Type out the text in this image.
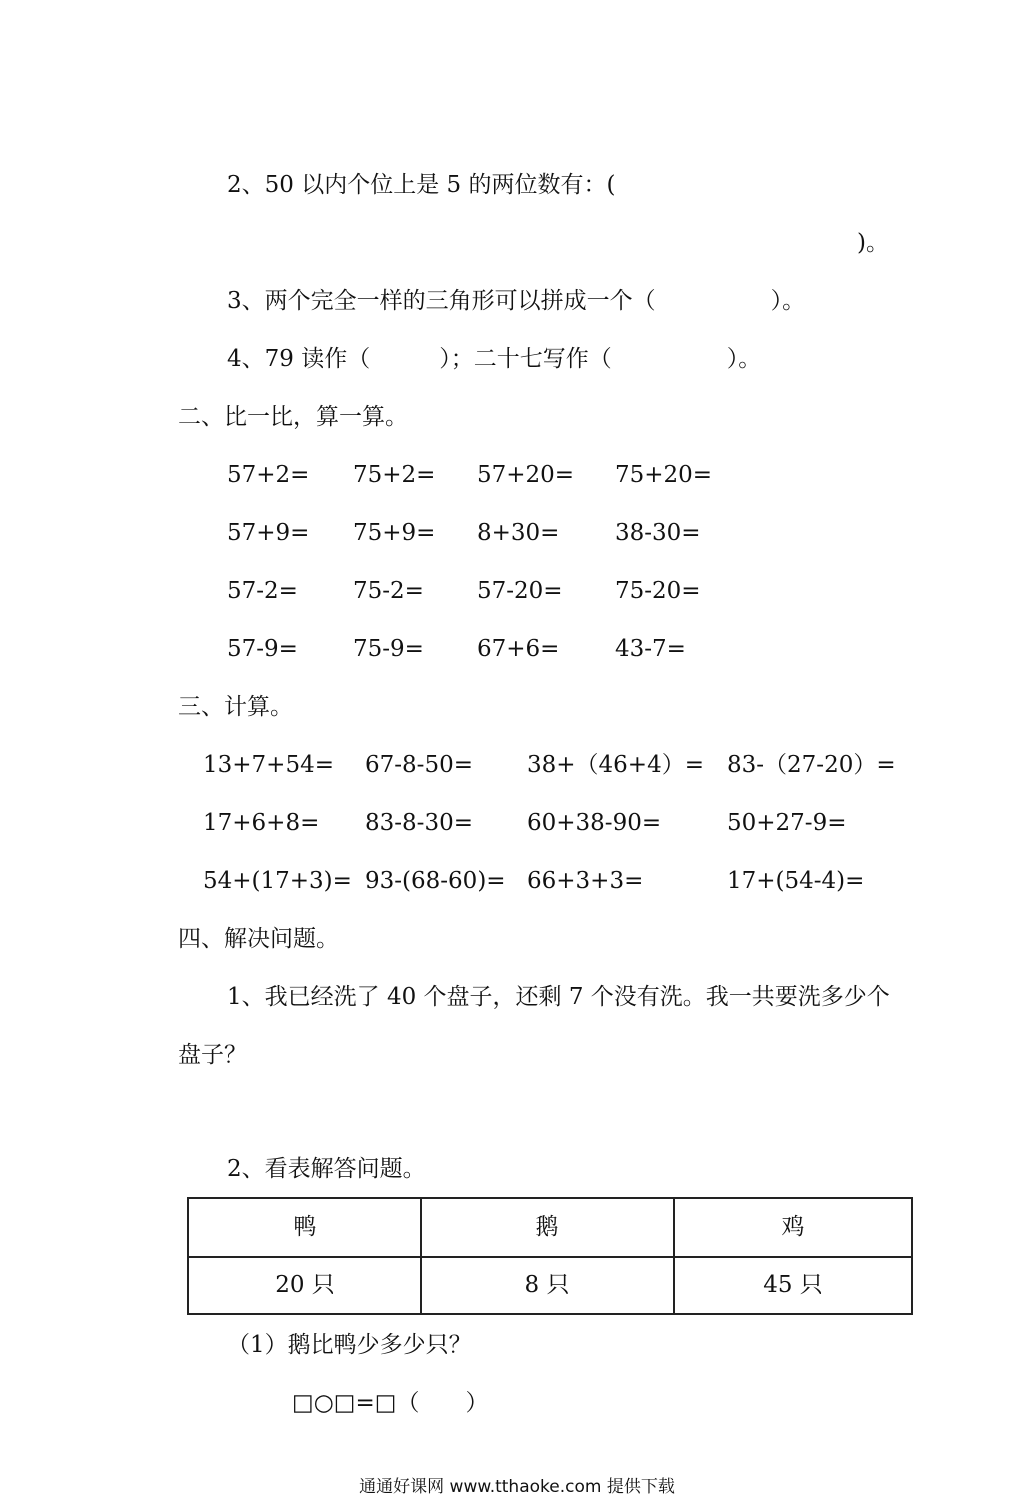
2、50 以内个位上是 5 的两位数有：(
)。
3、两个完全一样的三角形可以拼成一个（　　　　　）。
4、79 读作（　　　）；二十七写作（　　　　　）。
二、比一比，算一算。
57+2= 75+2= 57+20= 75+20=
57+9= 75+9= 8+30= 38-30=
57-2= 75-2= 57-20= 75-20=
57-9= 75-9= 67+6= 43-7=
三、计算。
13+7+54= 67-8-50= 38+（46+4）= 83-（27-20）=
17+6+8= 83-8-30= 60+38-90=	50+27-9=
54+(17+3)= 93-(68-60)= 66+3+3=	17+(54-4)=
四、解决问题。
1、我已经洗了 40 个盘子，还剩 7 个没有洗。我一共要洗多少个
盘子？
2、看表解答问题。
鸭	鹅	鸡
20 只	8 只	45 只
（1）鹅比鸭少多少只？
□○□=□（　　）
通通好课网 www.tthaoke.com 提供下载
